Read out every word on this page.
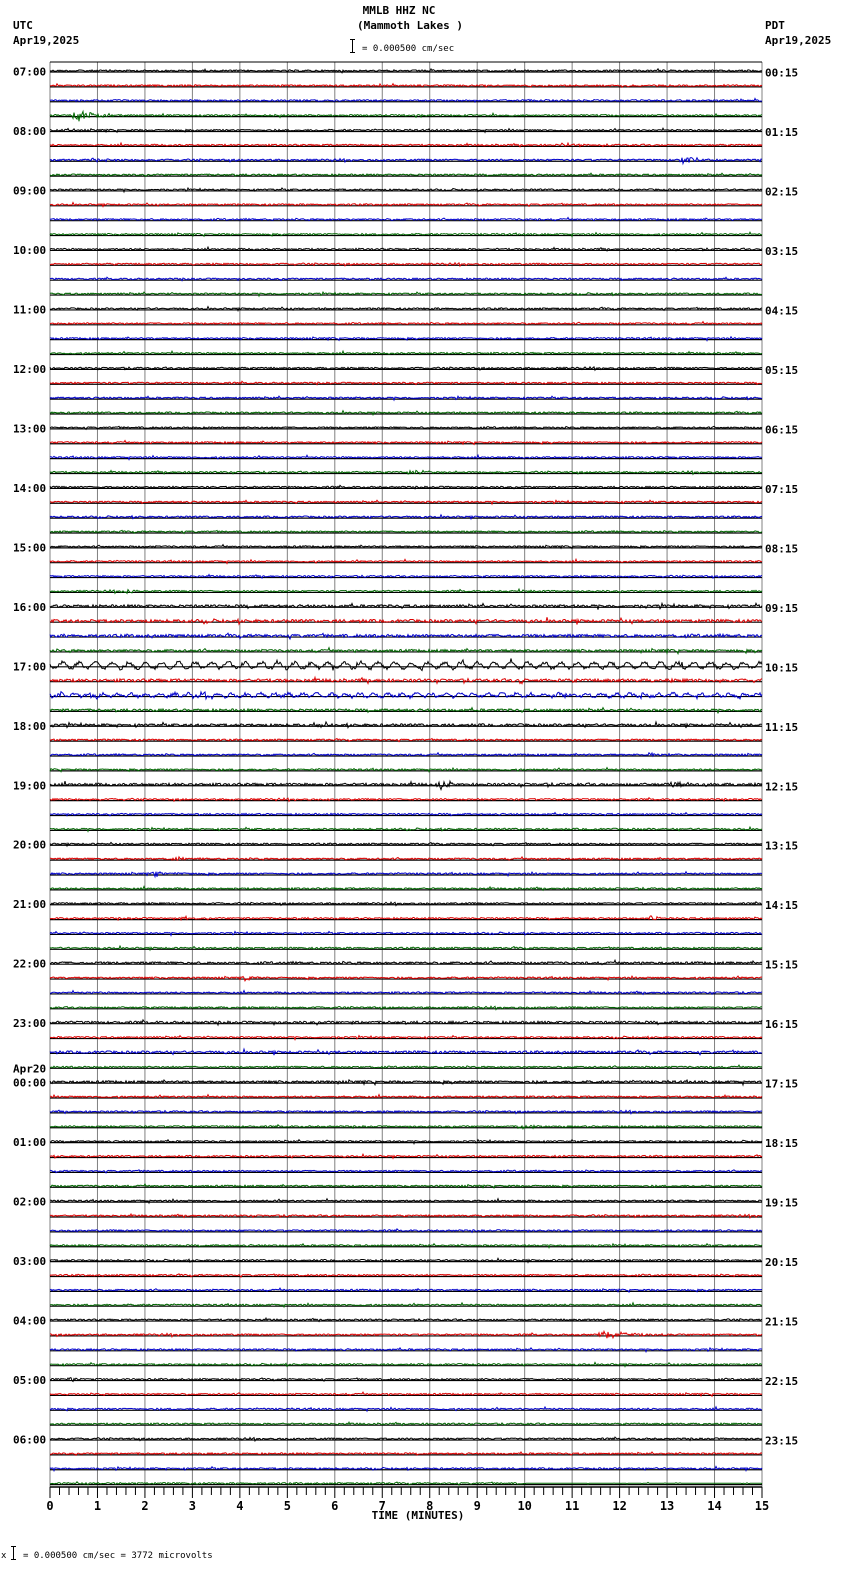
MMLB HHZ NC
(Mammoth Lakes )
UTC
Apr19,2025
PDT
Apr19,2025
= 0.000500 cm/sec
07:00
08:00
09:00
10:00
11:00
12:00
13:00
14:00
15:00
16:00
17:00
18:00
19:00
20:00
21:00
22:00
23:00
00:00
Apr20
01:00
02:00
03:00
04:00
05:00
06:00
00:15
01:15
02:15
03:15
04:15
05:15
06:15
07:15
08:15
09:15
10:15
11:15
12:15
13:15
14:15
15:15
16:15
17:15
18:15
19:15
20:15
21:15
22:15
23:15
0	1	2	3	4	5	6	7	8	9	10	11	12	13	14	15
TIME (MINUTES)
x = 0.000500 cm/sec = 3772 microvolts
